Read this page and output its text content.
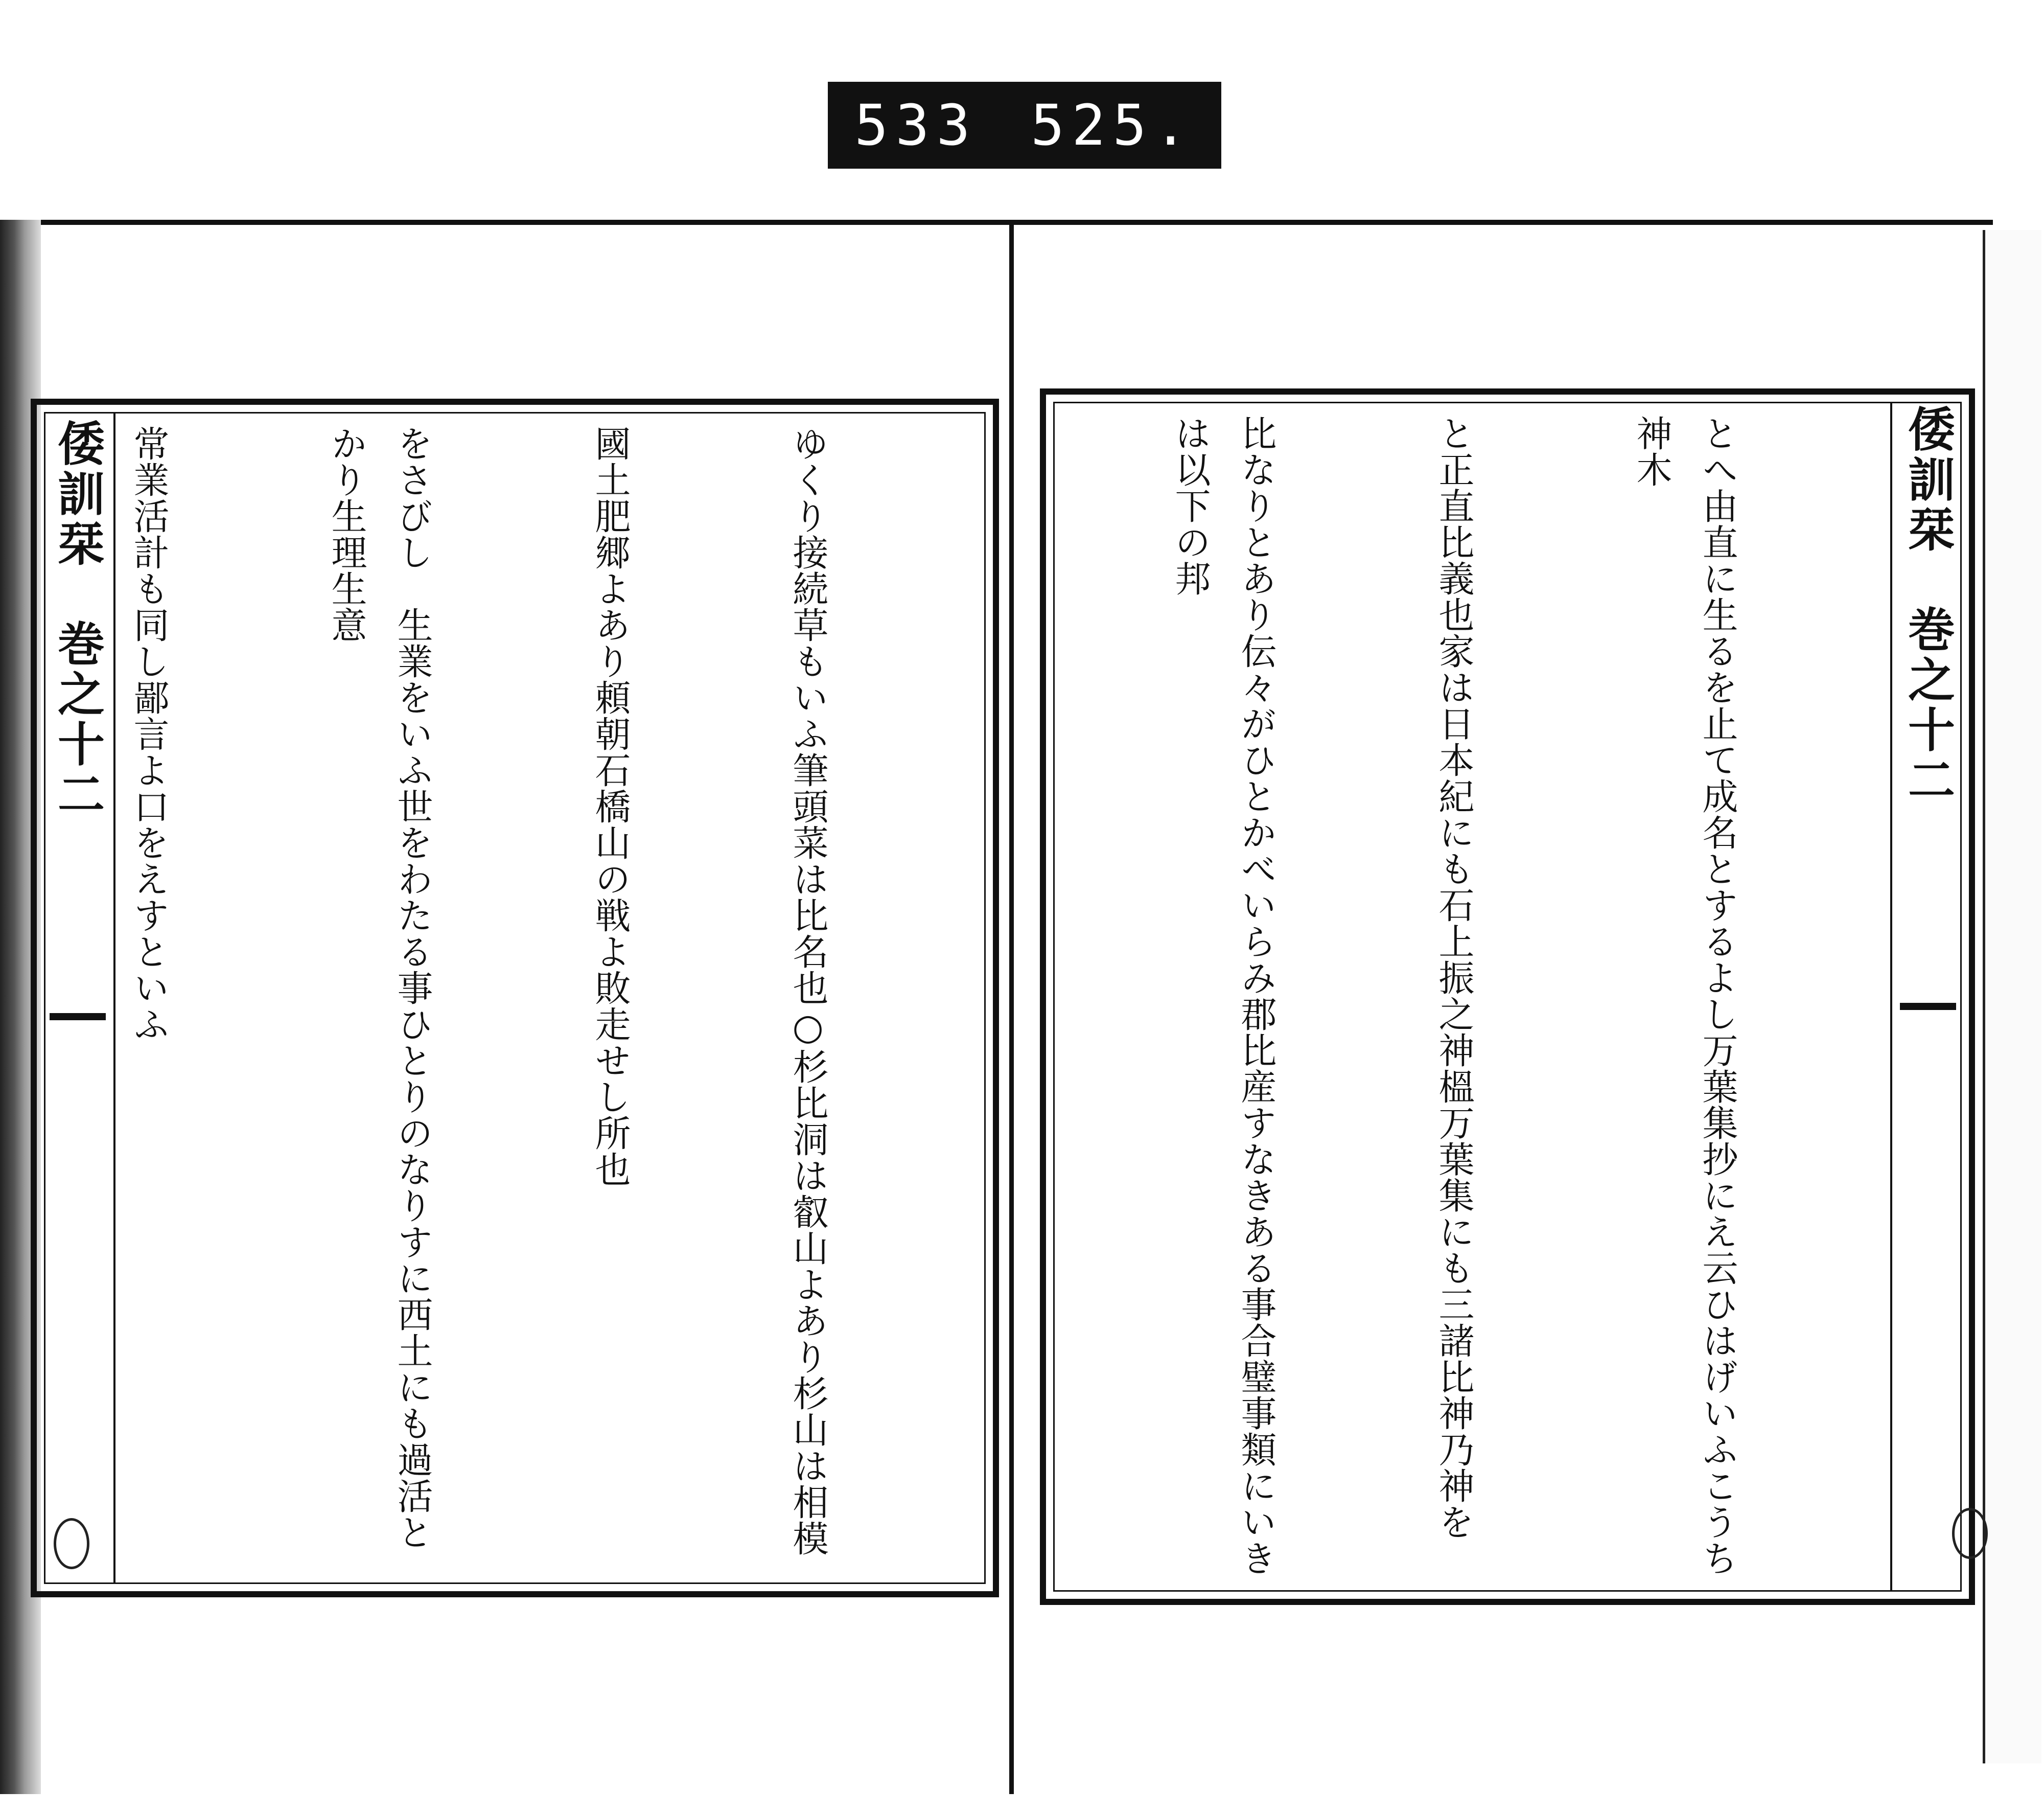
533 525.
倭訓栞　巻之十二

	ゆくり接続草もいふ筆頭菜は比名也○杉比洞は叡山よあり杉山は相模

國土肥郷よあり頼朝石橋山の戦よ敗走せし所也

をさびし　生業をいふ世をわたる事ひとりのなりすに西土にも過活とかり生理生意

常業活計も同し鄙言よ口をえすといふ

	倭訓栞　巻之十二

とへ由直に生るを止て成名とするよし万葉集抄にえ云ひはげいふこうち神木

と正直比義也家は日本紀にも石上振之神榲万葉集にも三諸比神乃神を

比なりとあり伝々がひとかべいらみ郡比産すなきある事合璧事類にいきは以下の邦
